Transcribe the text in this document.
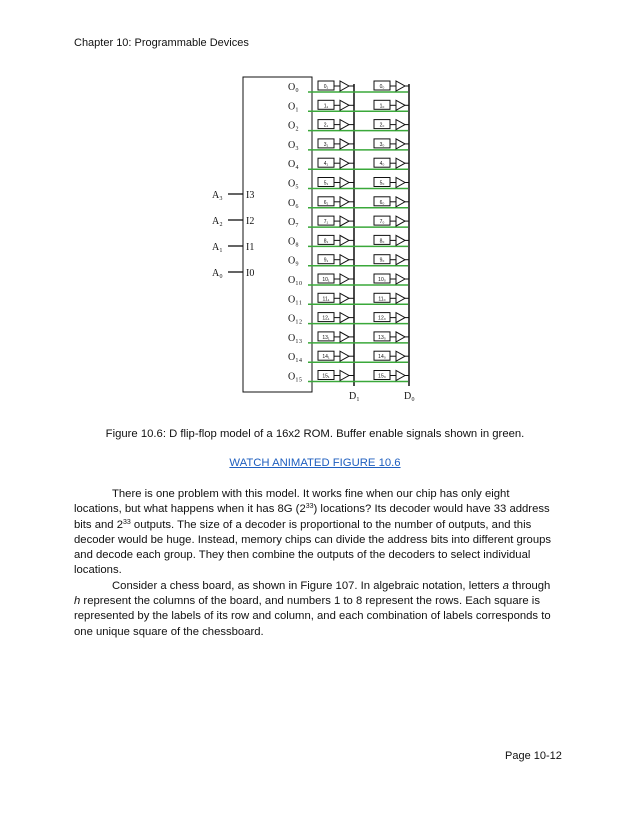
Chapter 10: Programmable Devices
A₃ I3
A₂ I2
A₁ I1
A₀ I0
O₀	0₁	0₀
O₁	1₁	1₀
O₂	2₁	2₀
O₃	3₁	3₀
O₄	4₁	4₀
O₅	5₁	5₀
O₆	6₁	6₀
O₇	7₁	7₀
O₈	8₁	8₀
O₉	9₁	9₀
O₁₀	10₁	10₀
O₁₁	11₁	11₀
O₁₂	12₁	12₀
O₁₃	13₁	13₀
O₁₄	14₁	14₀
O₁₅	15₁	15₀
D₁	D₀
Figure 10.6: D flip-flop model of a 16x2 ROM. Buffer enable signals shown in green.
WATCH ANIMATED FIGURE 10.6

There is one problem with this model. It works fine when our chip has only eight locations, but what happens when it has 8G $(2^{33})$ locations? Its decoder would have 33 address bits and $2^{33}$ outputs. The size of a decoder is proportional to the number of outputs, and this decoder would be huge. Instead, memory chips can divide the address bits into different groups and decode each group. They then combine the outputs of the decoders to select individual locations.

Consider a chess board, as shown in Figure 107. In algebraic notation, letters a through h represent the columns of the board, and numbers 1 to 8 represent the rows. Each square is represented by the labels of its row and column, and each combination of labels corresponds to one unique square of the chessboard.

Page 10-12
